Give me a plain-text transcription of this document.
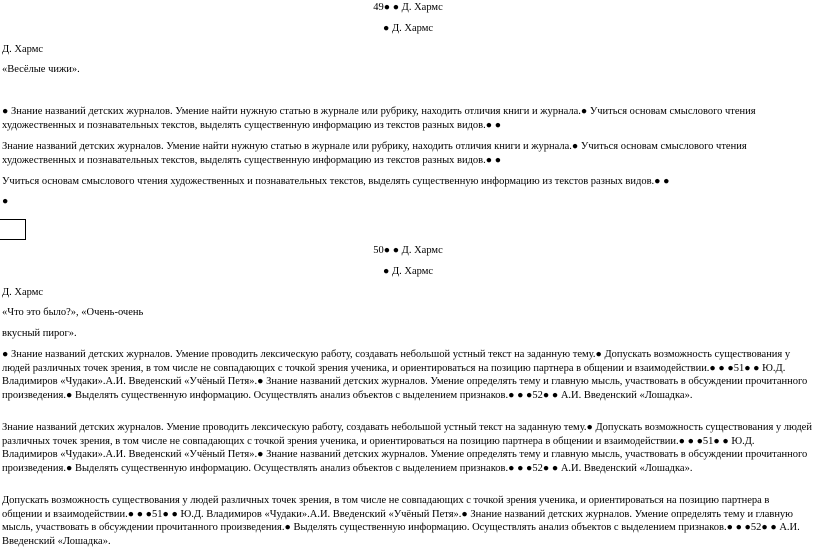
49● ● Д. Хармс
● Д. Хармс

Д. Хармс

«Весёлые чижи».

● Знание названий детских журналов. Умение найти нужную статью в журнале или рубрику, находить отличия книги и журнала.● Учиться основам смыслового чтения художественных и познавательных текстов, выделять существенную информацию из текстов разных видов.● ●

Знание названий детских журналов. Умение найти нужную статью в журнале или рубрику, находить отличия книги и журнала.● Учиться основам смыслового чтения художественных и познавательных текстов, выделять существенную информацию из текстов разных видов.● ●

Учиться основам смыслового чтения художественных и познавательных текстов, выделять существенную информацию из текстов разных видов.● ●

●

50● ● Д. Хармс
● Д. Хармс

Д. Хармс

«Что это было?», «Очень-очень

вкусный пирог».

● Знание названий детских журналов. Умение проводить лексическую работу, создавать небольшой устный текст на заданную тему.● Допускать возможность существования у людей различных точек зрения, в том числе не совпадающих с точкой зрения ученика, и ориентироваться на позицию партнера в общении и взаимодействии.● ● ●51● ● Ю.Д. Владимиров «Чудаки».А.И. Введенский «Учёный Петя».● Знание названий детских журналов. Умение определять тему и главную мысль, участвовать в обсуждении прочитанного произведения.● Выделять существенную информацию. Осуществлять анализ объектов с выделением признаков.● ● ●52● ● А.И. Введенский «Лошадка».

Знание названий детских журналов. Умение проводить лексическую работу, создавать небольшой устный текст на заданную тему.● Допускать возможность существования у людей различных точек зрения, в том числе не совпадающих с точкой зрения ученика, и ориентироваться на позицию партнера в общении и взаимодействии.● ● ●51● ● Ю.Д. Владимиров «Чудаки».А.И. Введенский «Учёный Петя».● Знание названий детских журналов. Умение определять тему и главную мысль, участвовать в обсуждении прочитанного произведения.● Выделять существенную информацию. Осуществлять анализ объектов с выделением признаков.● ● ●52● ● А.И. Введенский «Лошадка».

Допускать возможность существования у людей различных точек зрения, в том числе не совпадающих с точкой зрения ученика, и ориентироваться на позицию партнера в общении и взаимодействии.● ● ●51● ● Ю.Д. Владимиров «Чудаки».А.И. Введенский «Учёный Петя».● Знание названий детских журналов. Умение определять тему и главную мысль, участвовать в обсуждении прочитанного произведения.● Выделять существенную информацию. Осуществлять анализ объектов с выделением признаков.● ● ●52● ● А.И. Введенский «Лошадка».
